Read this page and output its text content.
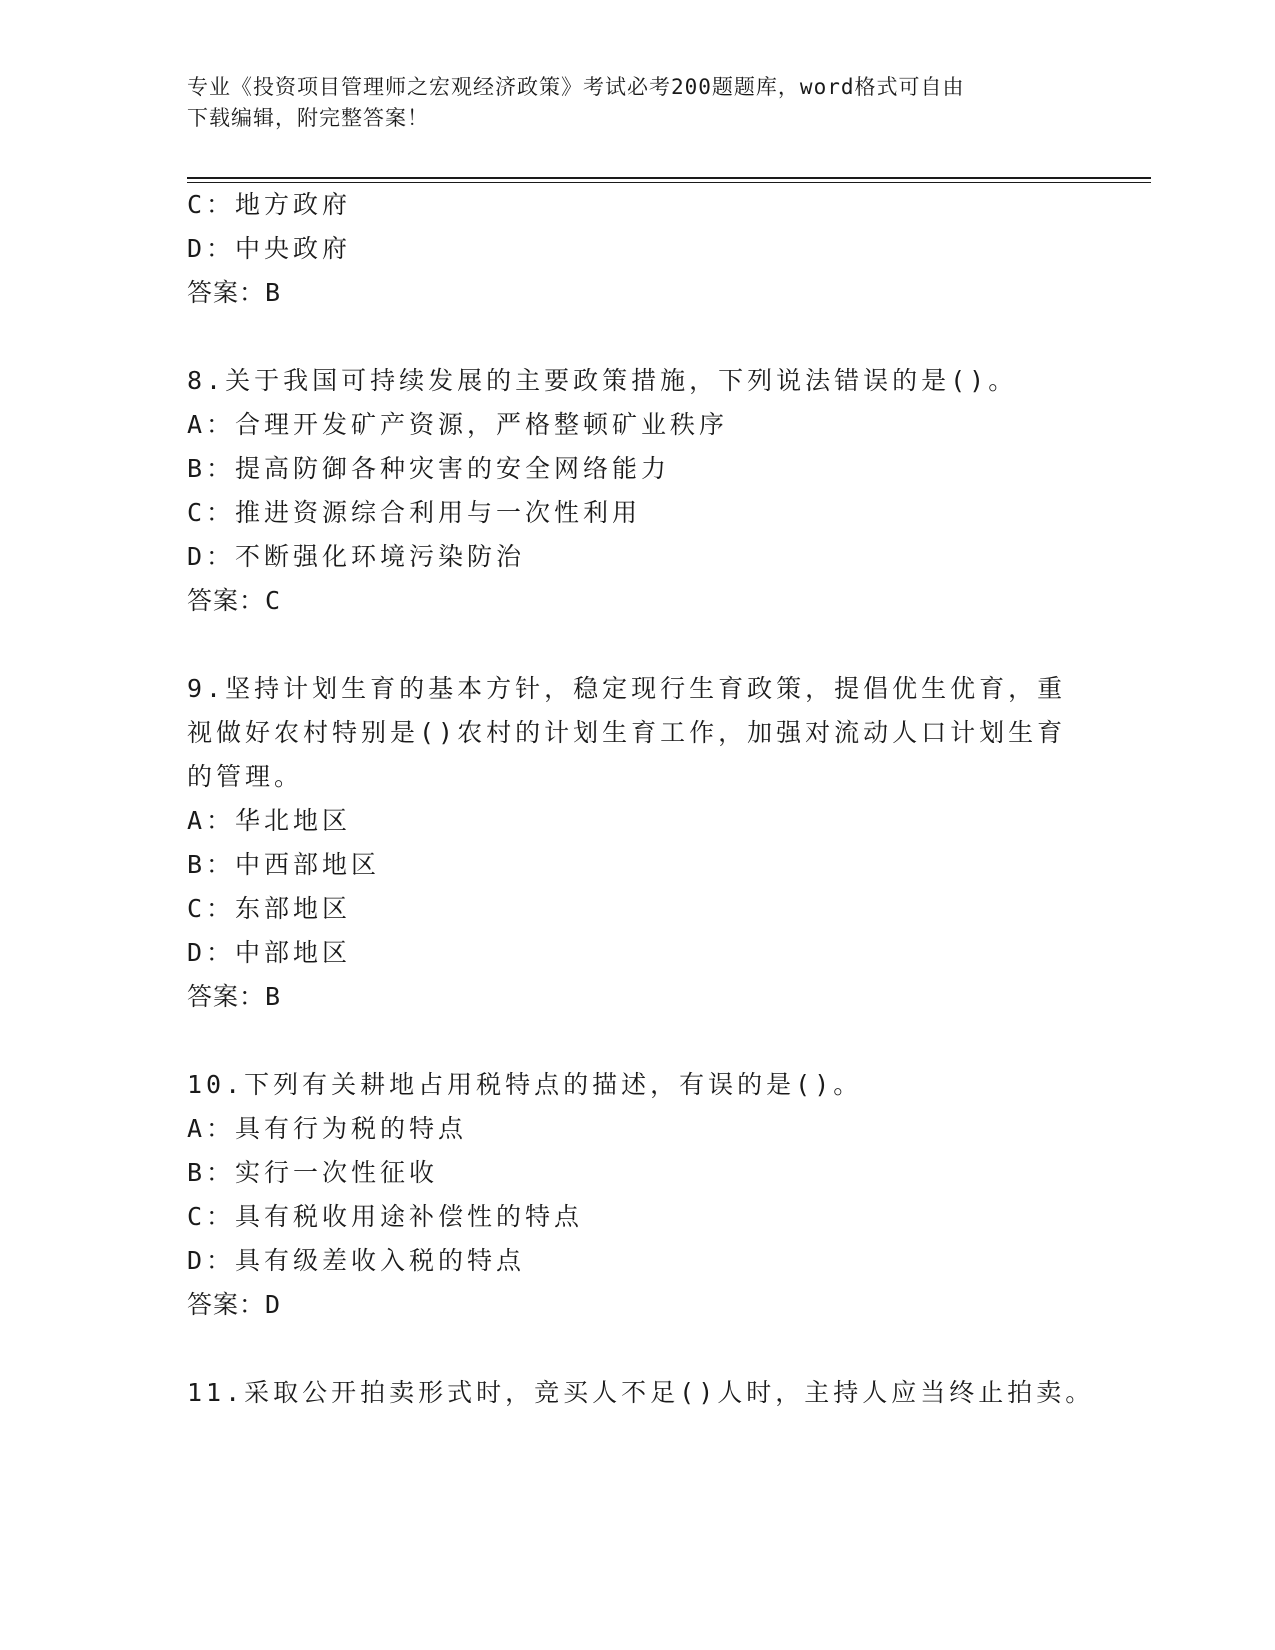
专业《投资项目管理师之宏观经济政策》考试必考200题题库，word格式可自由
下载编辑，附完整答案！
C：地方政府
D：中央政府
答案：B
8.关于我国可持续发展的主要政策措施，下列说法错误的是()。
A：合理开发矿产资源，严格整顿矿业秩序
B：提高防御各种灾害的安全网络能力
C：推进资源综合利用与一次性利用
D：不断强化环境污染防治
答案：C
9.坚持计划生育的基本方针，稳定现行生育政策，提倡优生优育，重
视做好农村特别是()农村的计划生育工作，加强对流动人口计划生育
的管理。
A：华北地区
B：中西部地区
C：东部地区
D：中部地区
答案：B
10.下列有关耕地占用税特点的描述，有误的是()。
A：具有行为税的特点
B：实行一次性征收
C：具有税收用途补偿性的特点
D：具有级差收入税的特点
答案：D
11.采取公开拍卖形式时，竞买人不足()人时，主持人应当终止拍卖。
